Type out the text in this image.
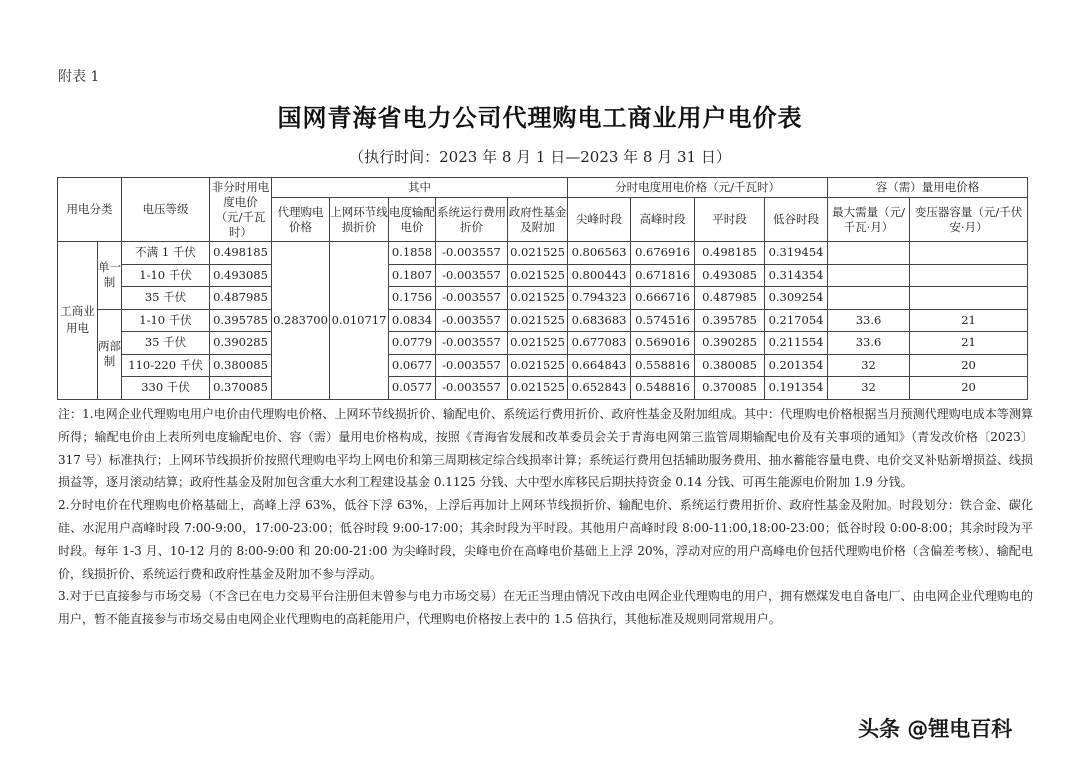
附表 1
国网青海省电力公司代理购电工商业用户电价表
（执行时间：2023 年 8 月 1 日—2023 年 8 月 31 日）
用电分类		电压等级	非分时用电度电价（元/千瓦时）	其中					分时电度用电价格（元/千瓦时）				容（需）量用电价格	
				代理购电价格	上网环节线损折价	电度输配电价	系统运行费用折价	政府性基金及附加	尖峰时段	高峰时段	平时段	低谷时段	最大需量（元/千瓦·月）	变压器容量（元/千伏安·月）
工商业用电	单一制	不满 1 千伏	0.498185	0.283700	0.010717	0.1858	-0.003557	0.021525	0.806563	0.676916	0.498185	0.319454		
		1-10 千伏	0.493085			0.1807	-0.003557	0.021525	0.800443	0.671816	0.493085	0.314354		
		35 千伏	0.487985			0.1756	-0.003557	0.021525	0.794323	0.666716	0.487985	0.309254		
	两部制	1-10 千伏	0.395785			0.0834	-0.003557	0.021525	0.683683	0.574516	0.395785	0.217054	33.6	21
		35 千伏	0.390285			0.0779	-0.003557	0.021525	0.677083	0.569016	0.390285	0.211554	33.6	21
		110-220 千伏	0.380085			0.0677	-0.003557	0.021525	0.664843	0.558816	0.380085	0.201354	32	20
		330 千伏	0.370085			0.0577	-0.003557	0.021525	0.652843	0.548816	0.370085	0.191354	32	20

注：1.电网企业代理购电用户电价由代理购电价格、上网环节线损折价、输配电价、系统运行费用折价、政府性基金及附加组成。其中：代理购电价格根据当月预测代理购电成本等测算所得；输配电价由上表所列电度输配电价、容（需）量用电价格构成，按照《青海省发展和改革委员会关于青海电网第三监管周期输配电价及有关事项的通知》（青发改价格〔2023〕317 号）标准执行；上网环节线损折价按照代理购电平均上网电价和第三周期核定综合线损率计算；系统运行费用包括辅助服务费用、抽水蓄能容量电费、电价交叉补贴新增损益、线损损益等，逐月滚动结算；政府性基金及附加包含重大水利工程建设基金 0.1125 分钱、大中型水库移民后期扶持资金 0.14 分钱、可再生能源电价附加 1.9 分钱。

2.分时电价在代理购电价格基础上，高峰上浮 63%，低谷下浮 63%，上浮后再加计上网环节线损折价、输配电价、系统运行费用折价、政府性基金及附加。时段划分：铁合金、碳化硅、水泥用户高峰时段 7:00-9:00，17:00-23:00；低谷时段 9:00-17:00；其余时段为平时段。其他用户高峰时段 8:00-11:00,18:00-23:00；低谷时段 0:00-8:00；其余时段为平时段。每年 1-3 月、10-12 月的 8:00-9:00 和 20:00-21:00 为尖峰时段，尖峰电价在高峰电价基础上上浮 20%，浮动对应的用户高峰电价包括代理购电价格（含偏差考核）、输配电价，线损折价、系统运行费和政府性基金及附加不参与浮动。

3.对于已直接参与市场交易（不含已在电力交易平台注册但未曾参与电力市场交易）在无正当理由情况下改由电网企业代理购电的用户，拥有燃煤发电自备电厂、由电网企业代理购电的用户，暂不能直接参与市场交易由电网企业代理购电的高耗能用户，代理购电价格按上表中的 1.5 倍执行，其他标准及规则同常规用户。

头条 @锂电百科
